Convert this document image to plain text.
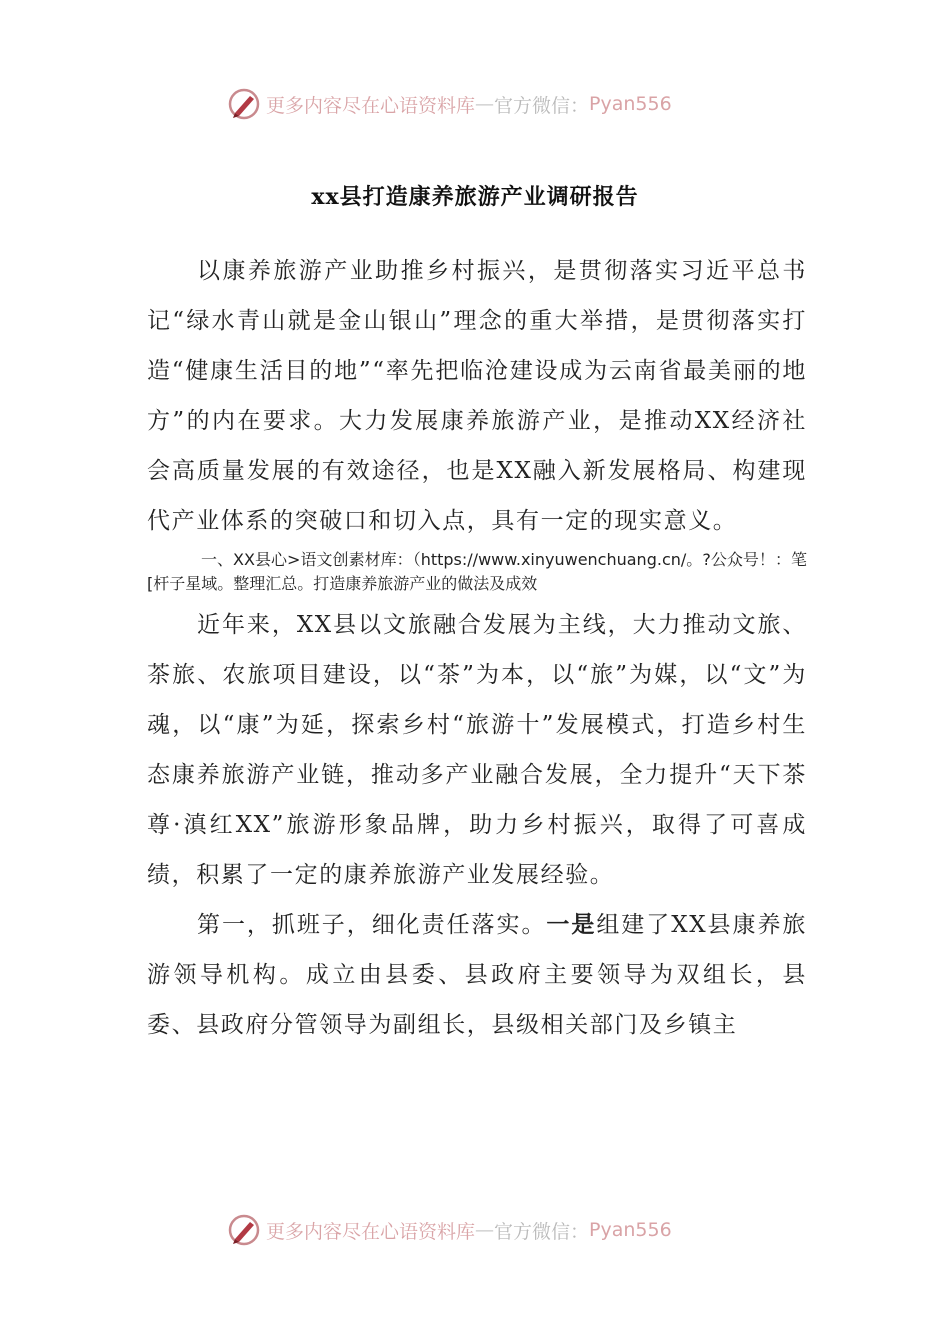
更多内容尽在心语资料库 — 官方微信： Pyan556
xx县打造康养旅游产业调研报告

以康养旅游产业助推乡村振兴，是贯彻落实习近平总书记“绿水青山就是金山银山”理念的重大举措，是贯彻落实打造“健康生活目的地”“率先把临沧建设成为云南省最美丽的地方”的内在要求。大力发展康养旅游产业，是推动XX经济社会高质量发展的有效途径，也是XX融入新发展格局、构建现代产业体系的突破口和切入点，具有一定的现实意义。

一、XX县心>语文创素材库：（https://www.xinyuwenchuang.cn/。?公众号！：笔[杆子星域。整理汇总。打造康养旅游产业的做法及成效

近年来，XX县以文旅融合发展为主线，大力推动文旅、茶旅、农旅项目建设，以“茶”为本，以“旅”为媒，以“文”为魂，以“康”为延，探索乡村“旅游十”发展模式，打造乡村生态康养旅游产业链，推动多产业融合发展，全力提升“天下茶尊·滇红XX”旅游形象品牌，助力乡村振兴，取得了可喜成绩，积累了一定的康养旅游产业发展经验。

第一，抓班子，细化责任落实。一是组建了XX县康养旅游领导机构。成立由县委、县政府主要领导为双组长，县委、县政府分管领导为副组长，县级相关部门及乡镇主

更多内容尽在心语资料库 — 官方微信： Pyan556
